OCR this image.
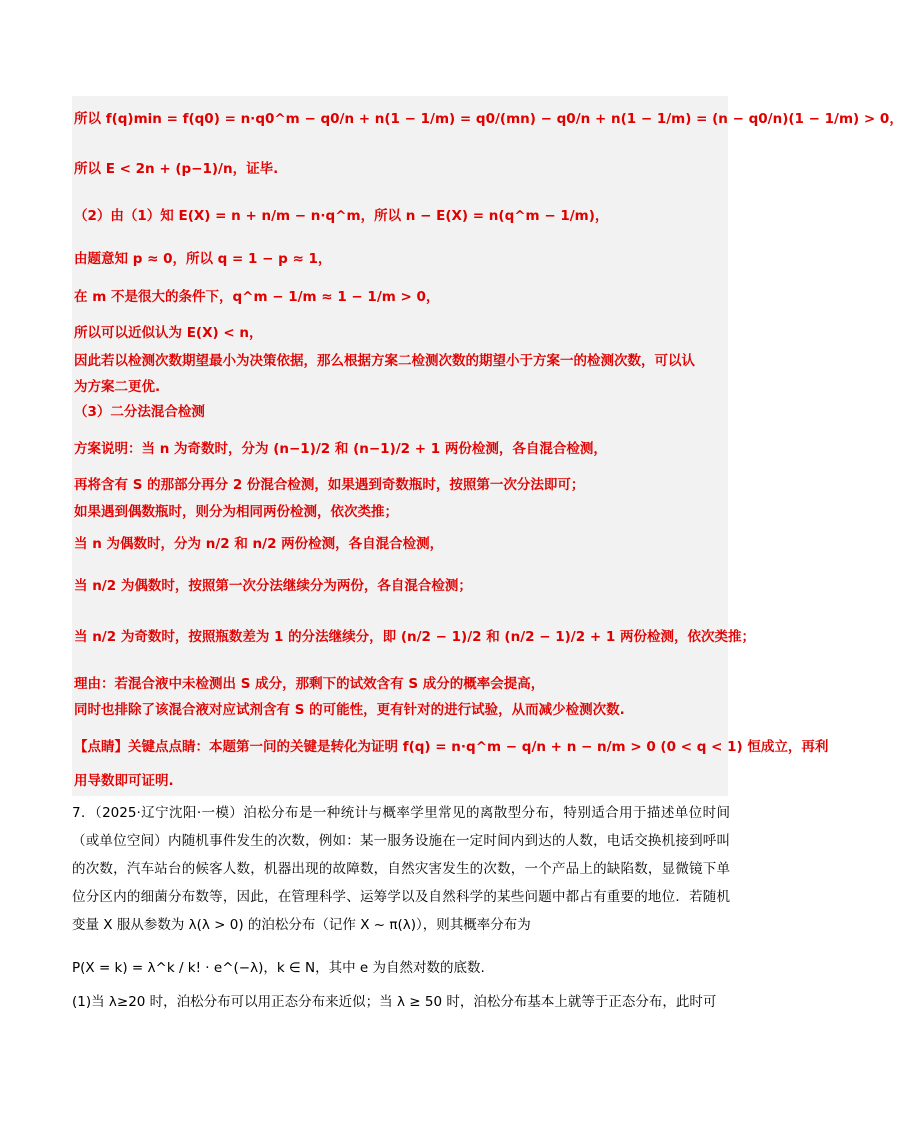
所以 f(q)min = f(q0) = n·q0^m − q0/n + n(1 − 1/m) = q0/(mn) − q0/n + n(1 − 1/m) = (n − q0/n)(1 − 1/m) > 0，
所以 E < 2n + (p−1)/n，证毕.
（2）由（1）知 E(X) = n + n/m − n·q^m，所以 n − E(X) = n(q^m − 1/m)，
由题意知 p ≈ 0，所以 q = 1 − p ≈ 1，
在 m 不是很大的条件下，q^m − 1/m ≈ 1 − 1/m > 0，
所以可以近似认为 E(X) < n，
因此若以检测次数期望最小为决策依据，那么根据方案二检测次数的期望小于方案一的检测次数，可以认
为方案二更优.
（3）二分法混合检测
方案说明：当 n 为奇数时，分为 (n−1)/2 和 (n−1)/2 + 1 两份检测，各自混合检测，
再将含有 S 的那部分再分 2 份混合检测，如果遇到奇数瓶时，按照第一次分法即可；
如果遇到偶数瓶时，则分为相同两份检测，依次类推；
当 n 为偶数时，分为 n/2 和 n/2 两份检测，各自混合检测，
当 n/2 为偶数时，按照第一次分法继续分为两份，各自混合检测；
当 n/2 为奇数时，按照瓶数差为 1 的分法继续分，即 (n/2 − 1)/2 和 (n/2 − 1)/2 + 1 两份检测，依次类推；
理由：若混合液中未检测出 S 成分，那剩下的试效含有 S 成分的概率会提高，
同时也排除了该混合液对应试剂含有 S 的可能性，更有针对的进行试验，从而减少检测次数.
【点睛】关键点点睛：本题第一问的关键是转化为证明 f(q) = n·q^m − q/n + n − n/m > 0 (0 < q < 1) 恒成立，再利
用导数即可证明.
7．（2025·辽宁沈阳·一模）泊松分布是一种统计与概率学里常见的离散型分布，特别适合用于描述单位时间（或单位空间）内随机事件发生的次数，例如：某一服务设施在一定时间内到达的人数，电话交换机接到呼叫的次数，汽车站台的候客人数，机器出现的故障数，自然灾害发生的次数，一个产品上的缺陷数，显微镜下单位分区内的细菌分布数等，因此，在管理科学、运筹学以及自然科学的某些问题中都占有重要的地位．若随机变量 X 服从参数为 λ(λ > 0) 的泊松分布（记作 X ~ π(λ)），则其概率分布为
P(X = k) = λ^k / k! · e^(−λ)，k ∈ N，其中 e 为自然对数的底数.
(1)当 λ≥20 时，泊松分布可以用正态分布来近似；当 λ ≥ 50 时，泊松分布基本上就等于正态分布，此时可
